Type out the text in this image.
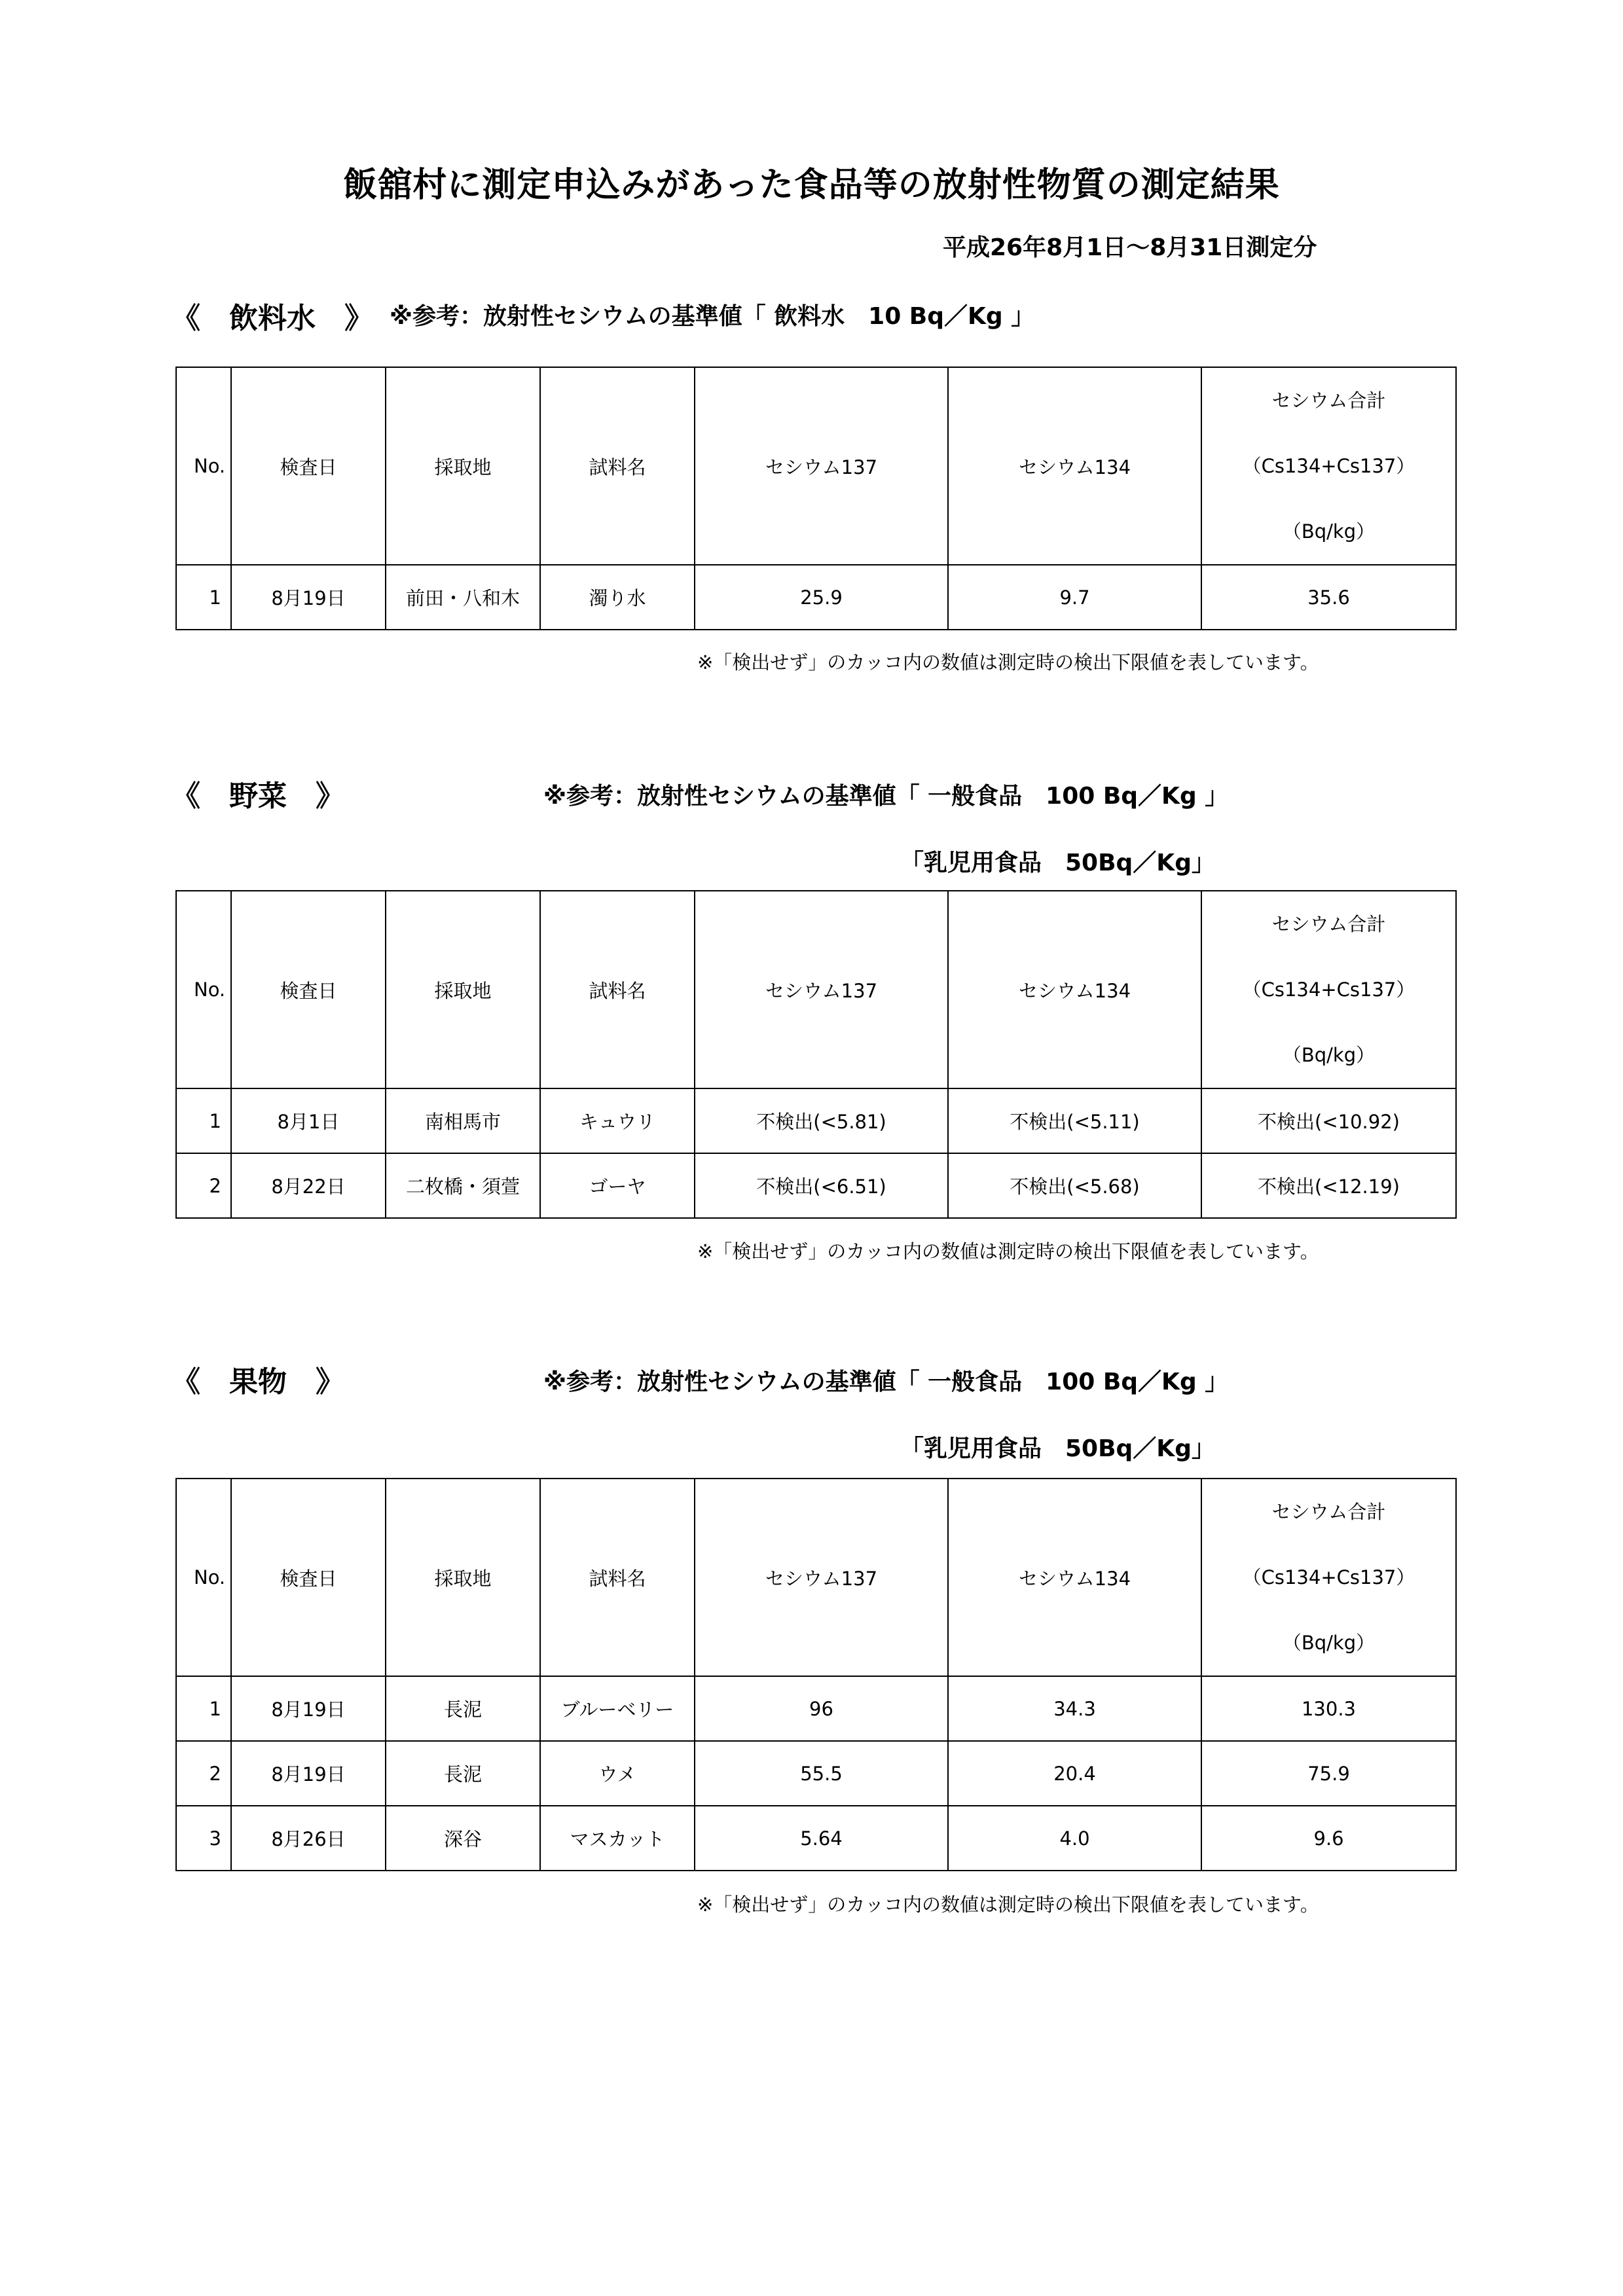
飯舘村に測定申込みがあった食品等の放射性物質の測定結果
平成26年8月1日～8月31日測定分
《　飲料水　》 ※参考：放射性セシウムの基準値「 飲料水　10 Bq／Kg 」
No.	検査日	採取地	試料名	セシウム137	セシウム134	セシウム合計
（Cs134+Cs137）
（Bq/kg）

1	8月19日	前田・八和木	濁り水	25.9	9.7	35.6
※「検出せず」のカッコ内の数値は測定時の検出下限値を表しています。
《　野菜　》	※参考：放射性セシウムの基準値「 一般食品　100 Bq／Kg 」
「乳児用食品　50Bq／Kg」
No.	検査日	採取地	試料名	セシウム137	セシウム134	セシウム合計
（Cs134+Cs137）
（Bq/kg）

1	8月1日	南相馬市	キュウリ	不検出(<5.81)	不検出(<5.11)	不検出(<10.92)
2	8月22日	二枚橋・須萱	ゴーヤ	不検出(<6.51)	不検出(<5.68)	不検出(<12.19)
※「検出せず」のカッコ内の数値は測定時の検出下限値を表しています。
《　果物　》	※参考：放射性セシウムの基準値「 一般食品　100 Bq／Kg 」
「乳児用食品　50Bq／Kg」
No.	検査日	採取地	試料名	セシウム137	セシウム134	セシウム合計
（Cs134+Cs137）
（Bq/kg）

1	8月19日	長泥	ブルーベリー	96	34.3	130.3
2	8月19日	長泥	ウメ	55.5	20.4	75.9
3	8月26日	深谷	マスカット	5.64	4.0	9.6
※「検出せず」のカッコ内の数値は測定時の検出下限値を表しています。
